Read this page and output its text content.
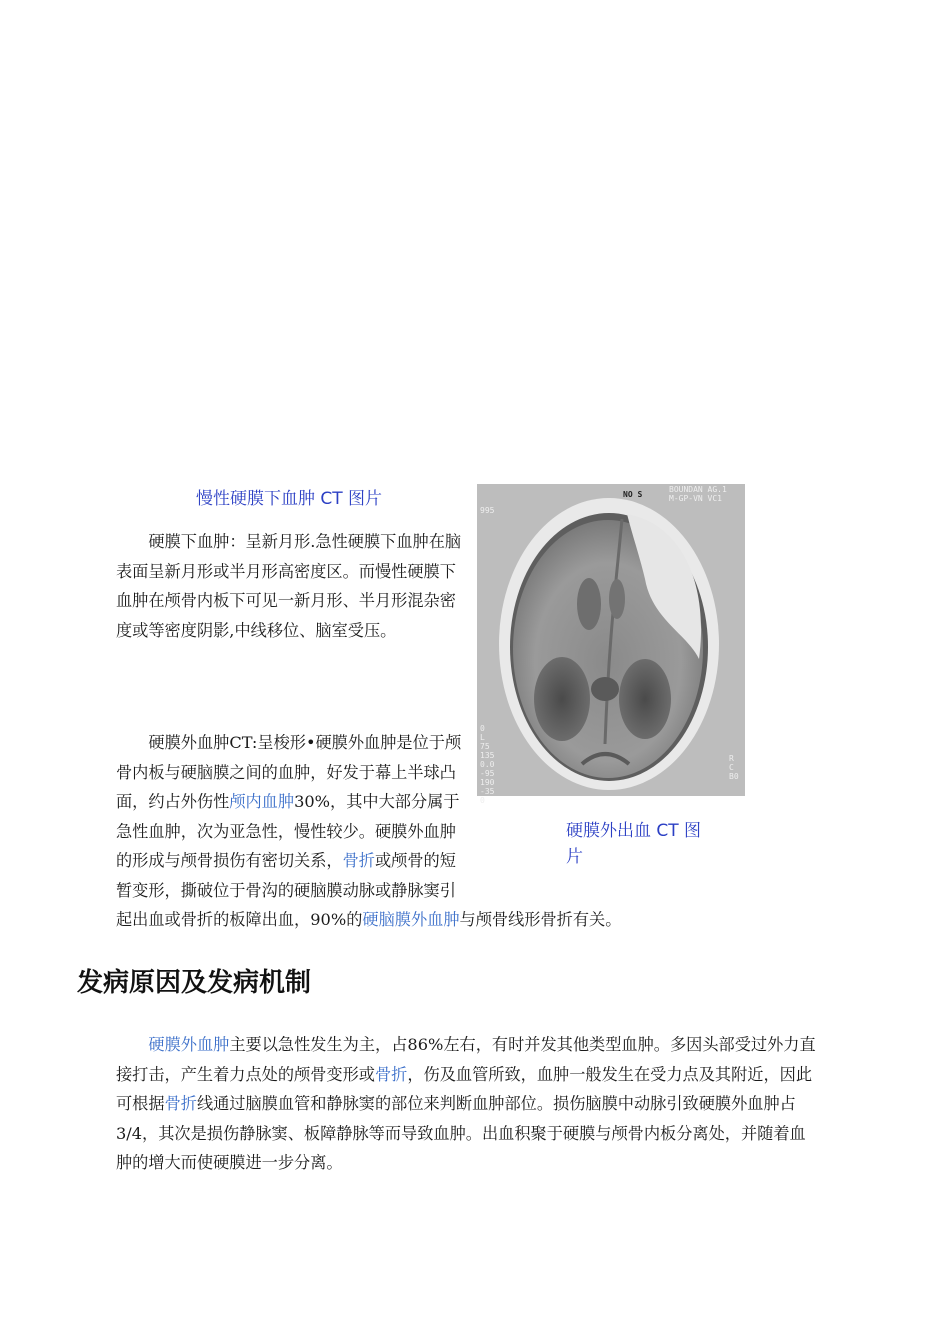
慢性硬膜下血肿 CT 图片

硬膜下血肿：呈新月形.急性硬膜下血肿在脑表面呈新月形或半月形高密度区。而慢性硬膜下血肿在颅骨内板下可见一新月形、半月形混杂密度或等密度阴影,中线移位、脑室受压。

995
NO S
BOUNDAN AG.1
M-GP-VN VC1
0
L
75
135
0.0
-95
190
-35
0
R
C
B0

硬膜外血肿CT:呈梭形•硬膜外血肿是位于颅骨内板与硬脑膜之间的血肿，好发于幕上半球凸面，约占外伤性颅内血肿30%，其中大部分属于急性血肿，次为亚急性，慢性较少。硬膜外血肿的形成与颅骨损伤有密切关系，骨折或颅骨的短暂变形，撕破位于骨沟的硬脑膜动脉或静脉窦引起出血或骨折的板障出血，90%的硬脑膜外血肿与颅骨线形骨折有关。

硬膜外出血 CT 图
片
发病原因及发病机制

硬膜外血肿主要以急性发生为主，占86%左右，有时并发其他类型血肿。多因头部受过外力直接打击，产生着力点处的颅骨变形或骨折，伤及血管所致，血肿一般发生在受力点及其附近，因此可根据骨折线通过脑膜血管和静脉窦的部位来判断血肿部位。损伤脑膜中动脉引致硬膜外血肿占3/4，其次是损伤静脉窦、板障静脉等而导致血肿。出血积聚于硬膜与颅骨内板分离处，并随着血肿的增大而使硬膜进一步分离。
